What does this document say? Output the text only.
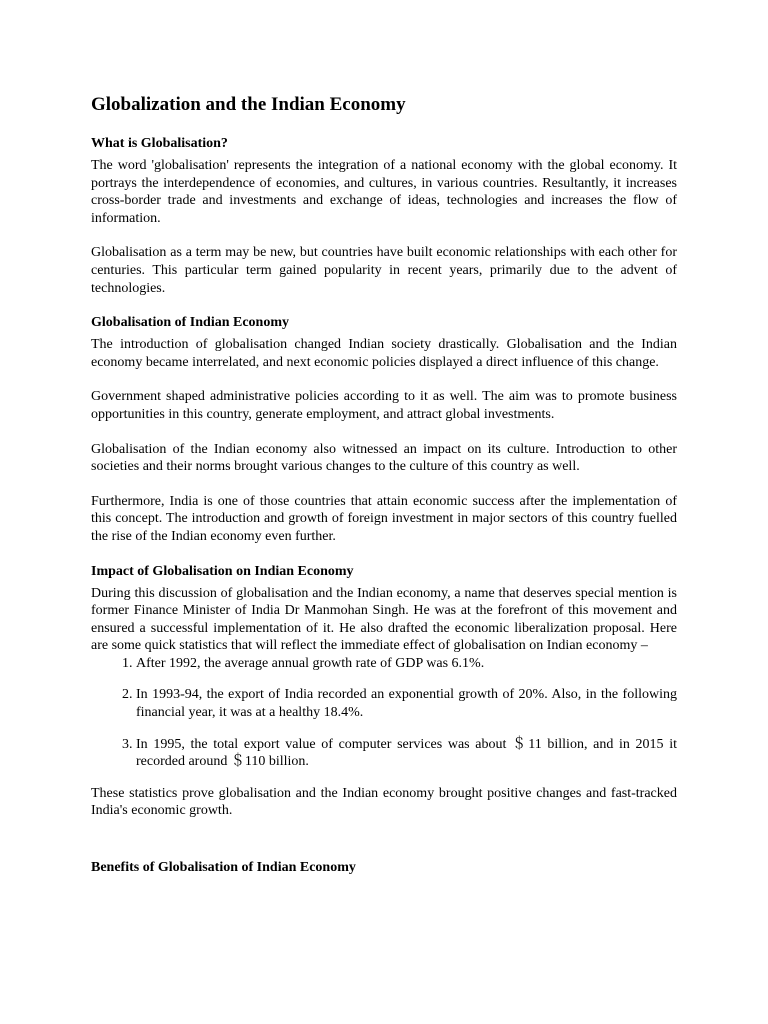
Globalization and the Indian Economy
What is Globalisation?

The word 'globalisation' represents the integration of a national economy with the global economy. It portrays the interdependence of economies, and cultures, in various countries. Resultantly, it increases cross-border trade and investments and exchange of ideas, technologies and increases the flow of information.

Globalisation as a term may be new, but countries have built economic relationships with each other for centuries. This particular term gained popularity in recent years, primarily due to the advent of technologies.

Globalisation of Indian Economy

The introduction of globalisation changed Indian society drastically. Globalisation and the Indian economy became interrelated, and next economic policies displayed a direct influence of this change.

Government shaped administrative policies according to it as well. The aim was to promote business opportunities in this country, generate employment, and attract global investments.

Globalisation of the Indian economy also witnessed an impact on its culture. Introduction to other societies and their norms brought various changes to the culture of this country as well.

Furthermore, India is one of those countries that attain economic success after the implementation of this concept. The introduction and growth of foreign investment in major sectors of this country fuelled the rise of the Indian economy even further.

Impact of Globalisation on Indian Economy

During this discussion of globalisation and the Indian economy, a name that deserves special mention is former Finance Minister of India Dr Manmohan Singh. He was at the forefront of this movement and ensured a successful implementation of it. He also drafted the economic liberalization proposal. Here are some quick statistics that will reflect the immediate effect of globalisation on Indian economy –

1. After 1992, the average annual growth rate of GDP was 6.1%.
2. In 1993-94, the export of India recorded an exponential growth of 20%. Also, in the following financial year, it was at a healthy 18.4%.
3. In 1995, the total export value of computer services was about ＄11 billion, and in 2015 it recorded around ＄110 billion.

These statistics prove globalisation and the Indian economy brought positive changes and fast-tracked India's economic growth.

Benefits of Globalisation of Indian Economy
